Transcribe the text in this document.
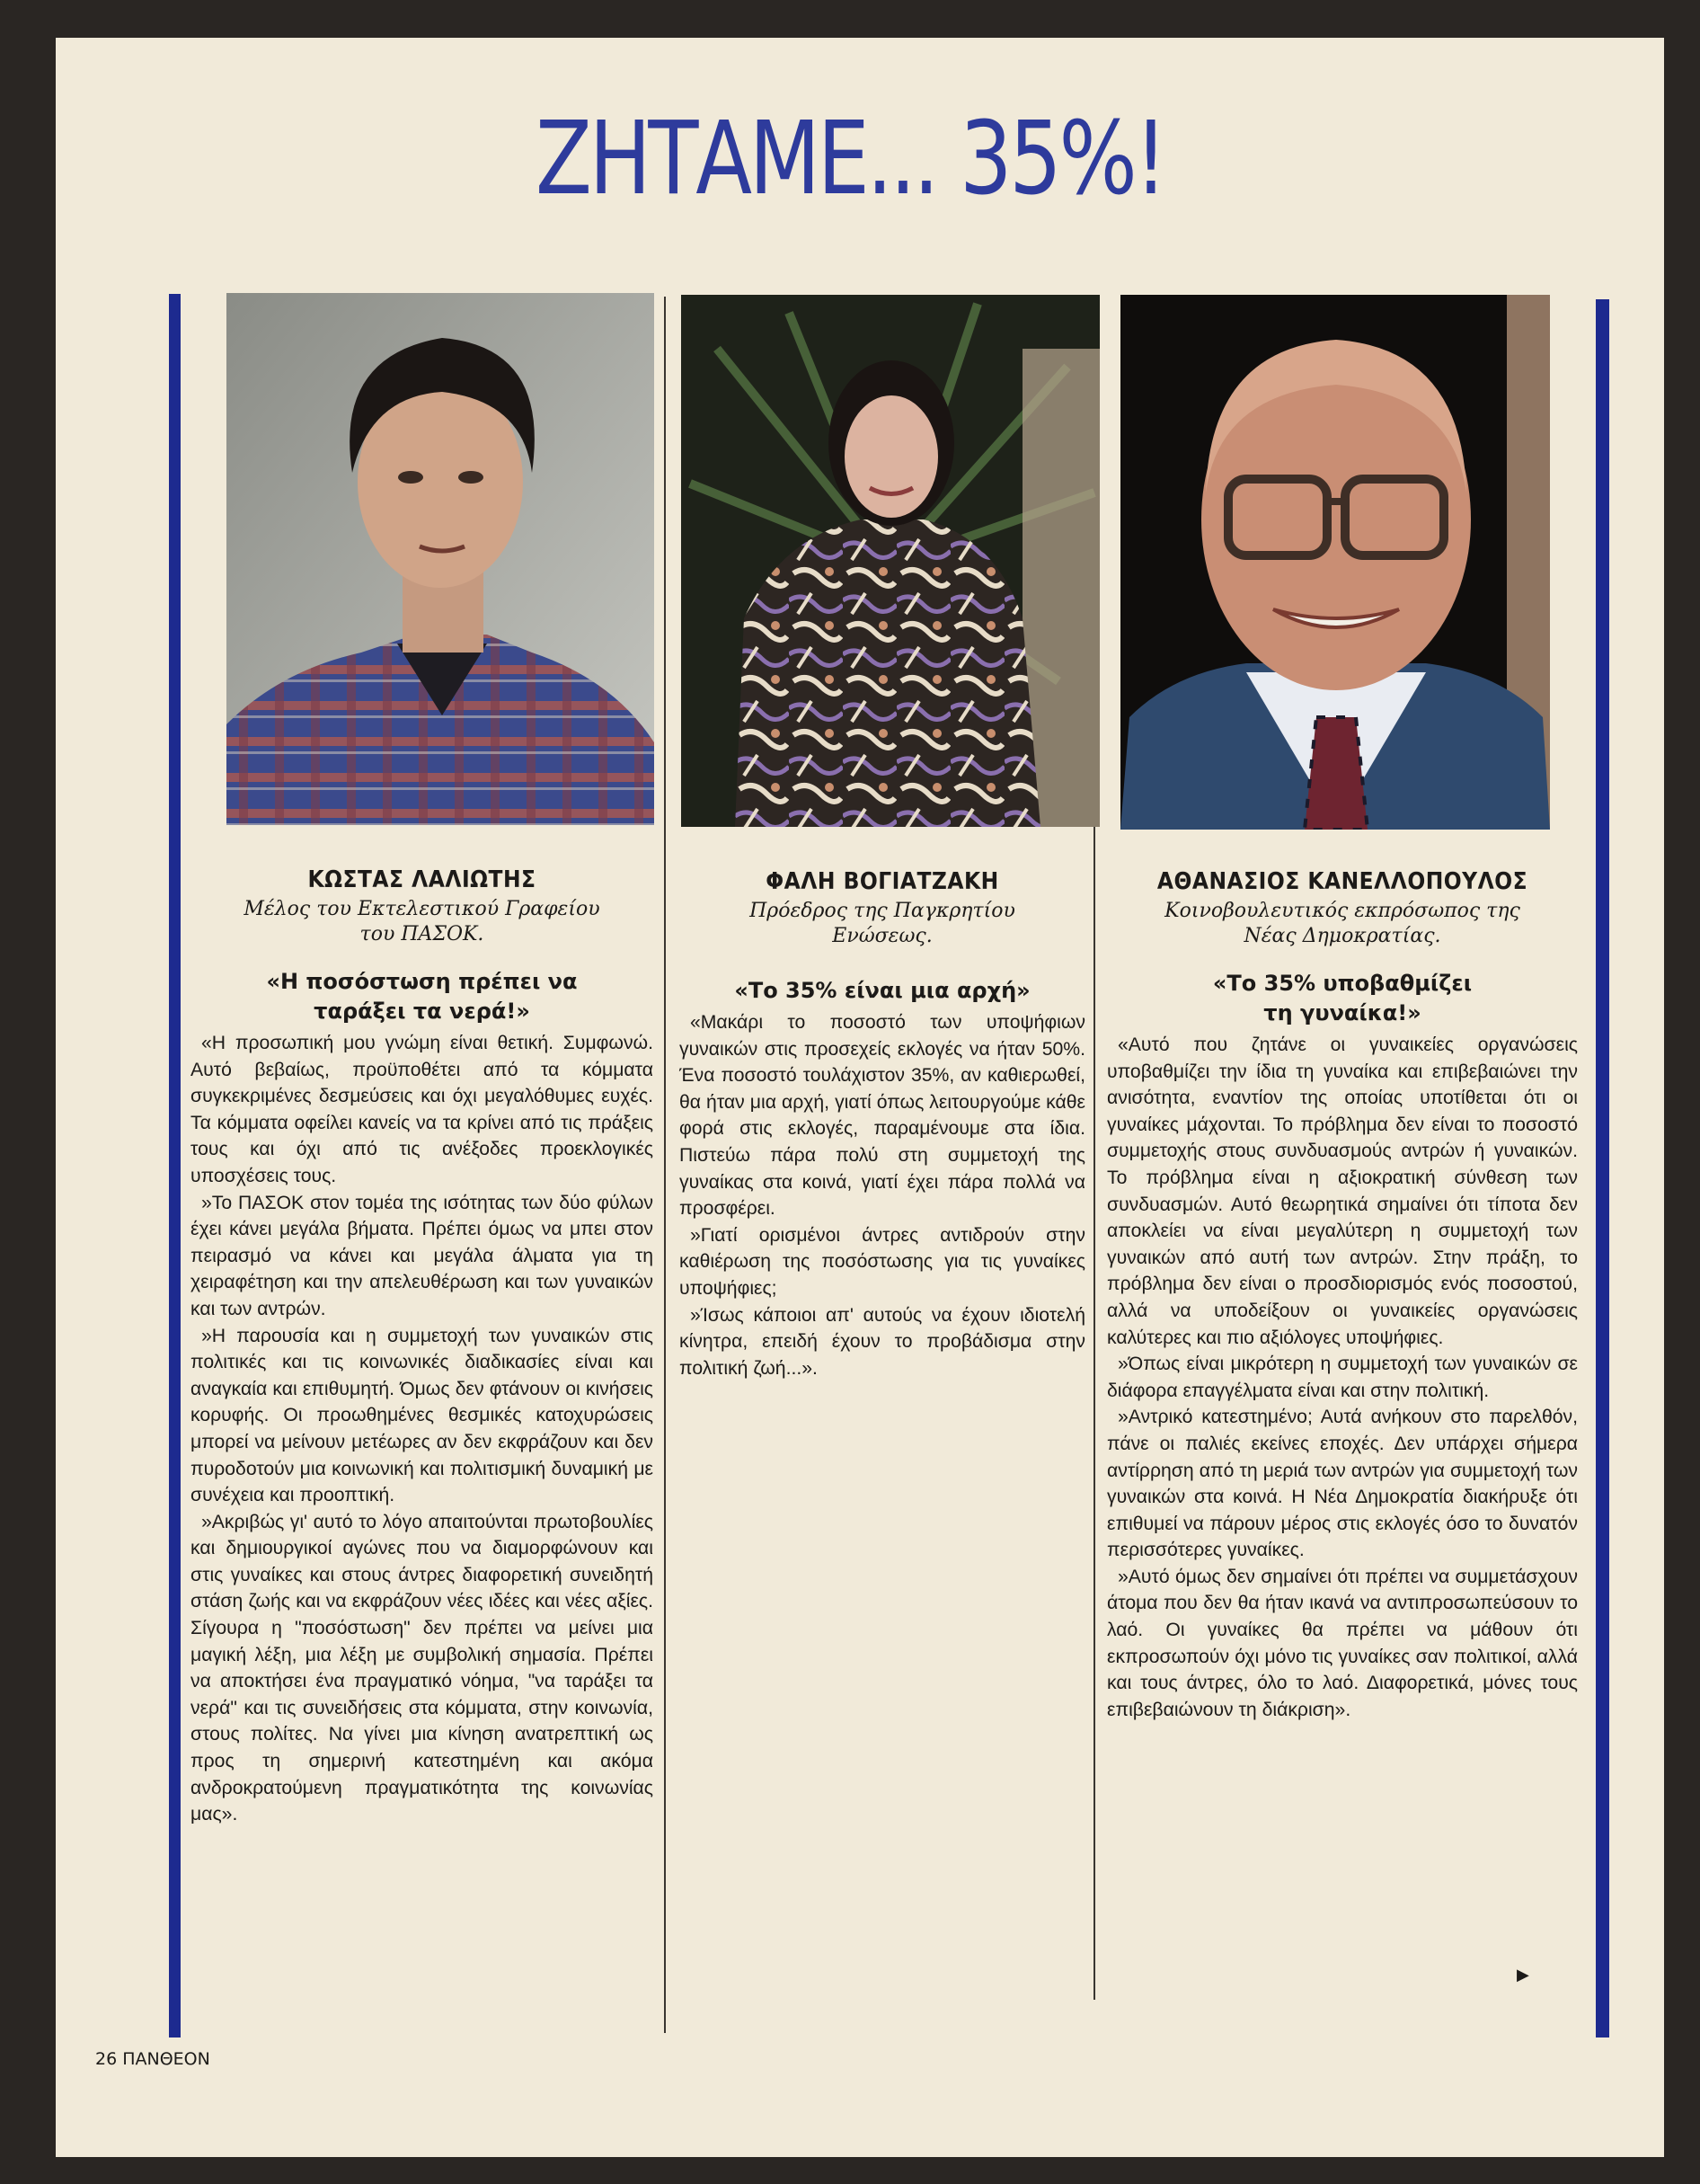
ΖΗΤΑΜΕ... 35%!
ΚΩΣΤΑΣ ΛΑΛΙΩΤΗΣ

Μέλος του Εκτελεστικού Γραφείου του ΠΑΣΟΚ.

«Η ποσόστωση πρέπει να ταράξει τα νερά!»

«Η προσωπική μου γνώμη είναι θετική. Συμφωνώ. Αυτό βεβαίως, προϋποθέτει από τα κόμματα συγκεκριμένες δεσμεύσεις και όχι μεγαλόθυμες ευχές. Τα κόμματα οφείλει κανείς να τα κρίνει από τις πράξεις τους και όχι από τις ανέξοδες προεκλογικές υποσχέσεις τους.

»Το ΠΑΣΟΚ στον τομέα της ισότητας των δύο φύλων έχει κάνει μεγάλα βήματα. Πρέπει όμως να μπει στον πειρασμό να κάνει και μεγάλα άλματα για τη χειραφέτηση και την απελευθέρωση και των γυναικών και των αντρών.

»Η παρουσία και η συμμετοχή των γυναικών στις πολιτικές και τις κοινωνικές διαδικασίες είναι και αναγκαία και επιθυμητή. Όμως δεν φτάνουν οι κινήσεις κορυφής. Οι προωθημένες θεσμικές κατοχυρώσεις μπορεί να μείνουν μετέωρες αν δεν εκφράζουν και δεν πυροδοτούν μια κοινωνική και πολιτισμική δυναμική με συνέχεια και προοπτική.

»Ακριβώς γι' αυτό το λόγο απαιτούνται πρωτοβουλίες και δημιουργικοί αγώνες που να διαμορφώνουν και στις γυναίκες και στους άντρες διαφορετική συνειδητή στάση ζωής και να εκφράζουν νέες ιδέες και νέες αξίες. Σίγουρα η "ποσόστωση" δεν πρέπει να μείνει μια μαγική λέξη, μια λέξη με συμβολική σημασία. Πρέπει να αποκτήσει ένα πραγματικό νόημα, "να ταράξει τα νερά" και τις συνειδήσεις στα κόμματα, στην κοινωνία, στους πολίτες. Να γίνει μια κίνηση ανατρεπτική ως προς τη σημερινή κατεστημένη και ακόμα ανδροκρατούμενη πραγματικότητα της κοινωνίας μας».

ΦΑΛΗ ΒΟΓΙΑΤΖΑΚΗ

Πρόεδρος της Παγκρητίου Ενώσεως.

«Το 35% είναι μια αρχή»

«Μακάρι το ποσοστό των υποψήφιων γυναικών στις προσεχείς εκλογές να ήταν 50%. Ένα ποσοστό τουλάχιστον 35%, αν καθιερωθεί, θα ήταν μια αρχή, γιατί όπως λειτουργούμε κάθε φορά στις εκλογές, παραμένουμε στα ίδια. Πιστεύω πάρα πολύ στη συμμετοχή της γυναίκας στα κοινά, γιατί έχει πάρα πολλά να προσφέρει.

»Γιατί ορισμένοι άντρες αντιδρούν στην καθιέρωση της ποσόστωσης για τις γυναίκες υποψήφιες;

»Ίσως κάποιοι απ' αυτούς να έχουν ιδιοτελή κίνητρα, επειδή έχουν το προβάδισμα στην πολιτική ζωή...».

ΑΘΑΝΑΣΙΟΣ ΚΑΝΕΛΛΟΠΟΥΛΟΣ

Κοινοβουλευτικός εκπρόσωπος της Νέας Δημοκρατίας.

«Το 35% υποβαθμίζει τη γυναίκα!»

«Αυτό που ζητάνε οι γυναικείες οργανώσεις υποβαθμίζει την ίδια τη γυναίκα και επιβεβαιώνει την ανισότητα, εναντίον της οποίας υποτίθεται ότι οι γυναίκες μάχονται. Το πρόβλημα δεν είναι το ποσοστό συμμετοχής στους συνδυασμούς αντρών ή γυναικών. Το πρόβλημα είναι η αξιοκρατική σύνθεση των συνδυασμών. Αυτό θεωρητικά σημαίνει ότι τίποτα δεν αποκλείει να είναι μεγαλύτερη η συμμετοχή των γυναικών από αυτή των αντρών. Στην πράξη, το πρόβλημα δεν είναι ο προσδιορισμός ενός ποσοστού, αλλά να υποδείξουν οι γυναικείες οργανώσεις καλύτερες και πιο αξιόλογες υποψήφιες.

»Όπως είναι μικρότερη η συμμετοχή των γυναικών σε διάφορα επαγγέλματα είναι και στην πολιτική.

»Αντρικό κατεστημένο; Αυτά ανήκουν στο παρελθόν, πάνε οι παλιές εκείνες εποχές. Δεν υπάρχει σήμερα αντίρρηση από τη μεριά των αντρών για συμμετοχή των γυναικών στα κοινά. Η Νέα Δημοκρατία διακήρυξε ότι επιθυμεί να πάρουν μέρος στις εκλογές όσο το δυνατόν περισσότερες γυναίκες.

»Αυτό όμως δεν σημαίνει ότι πρέπει να συμμετάσχουν άτομα που δεν θα ήταν ικανά να αντιπροσωπεύσουν το λαό. Οι γυναίκες θα πρέπει να μάθουν ότι εκπροσωπούν όχι μόνο τις γυναίκες σαν πολιτικοί, αλλά και τους άντρες, όλο το λαό. Διαφορετικά, μόνες τους επιβεβαιώνουν τη διάκριση».

▶
26 ΠΑΝΘΕΟΝ
